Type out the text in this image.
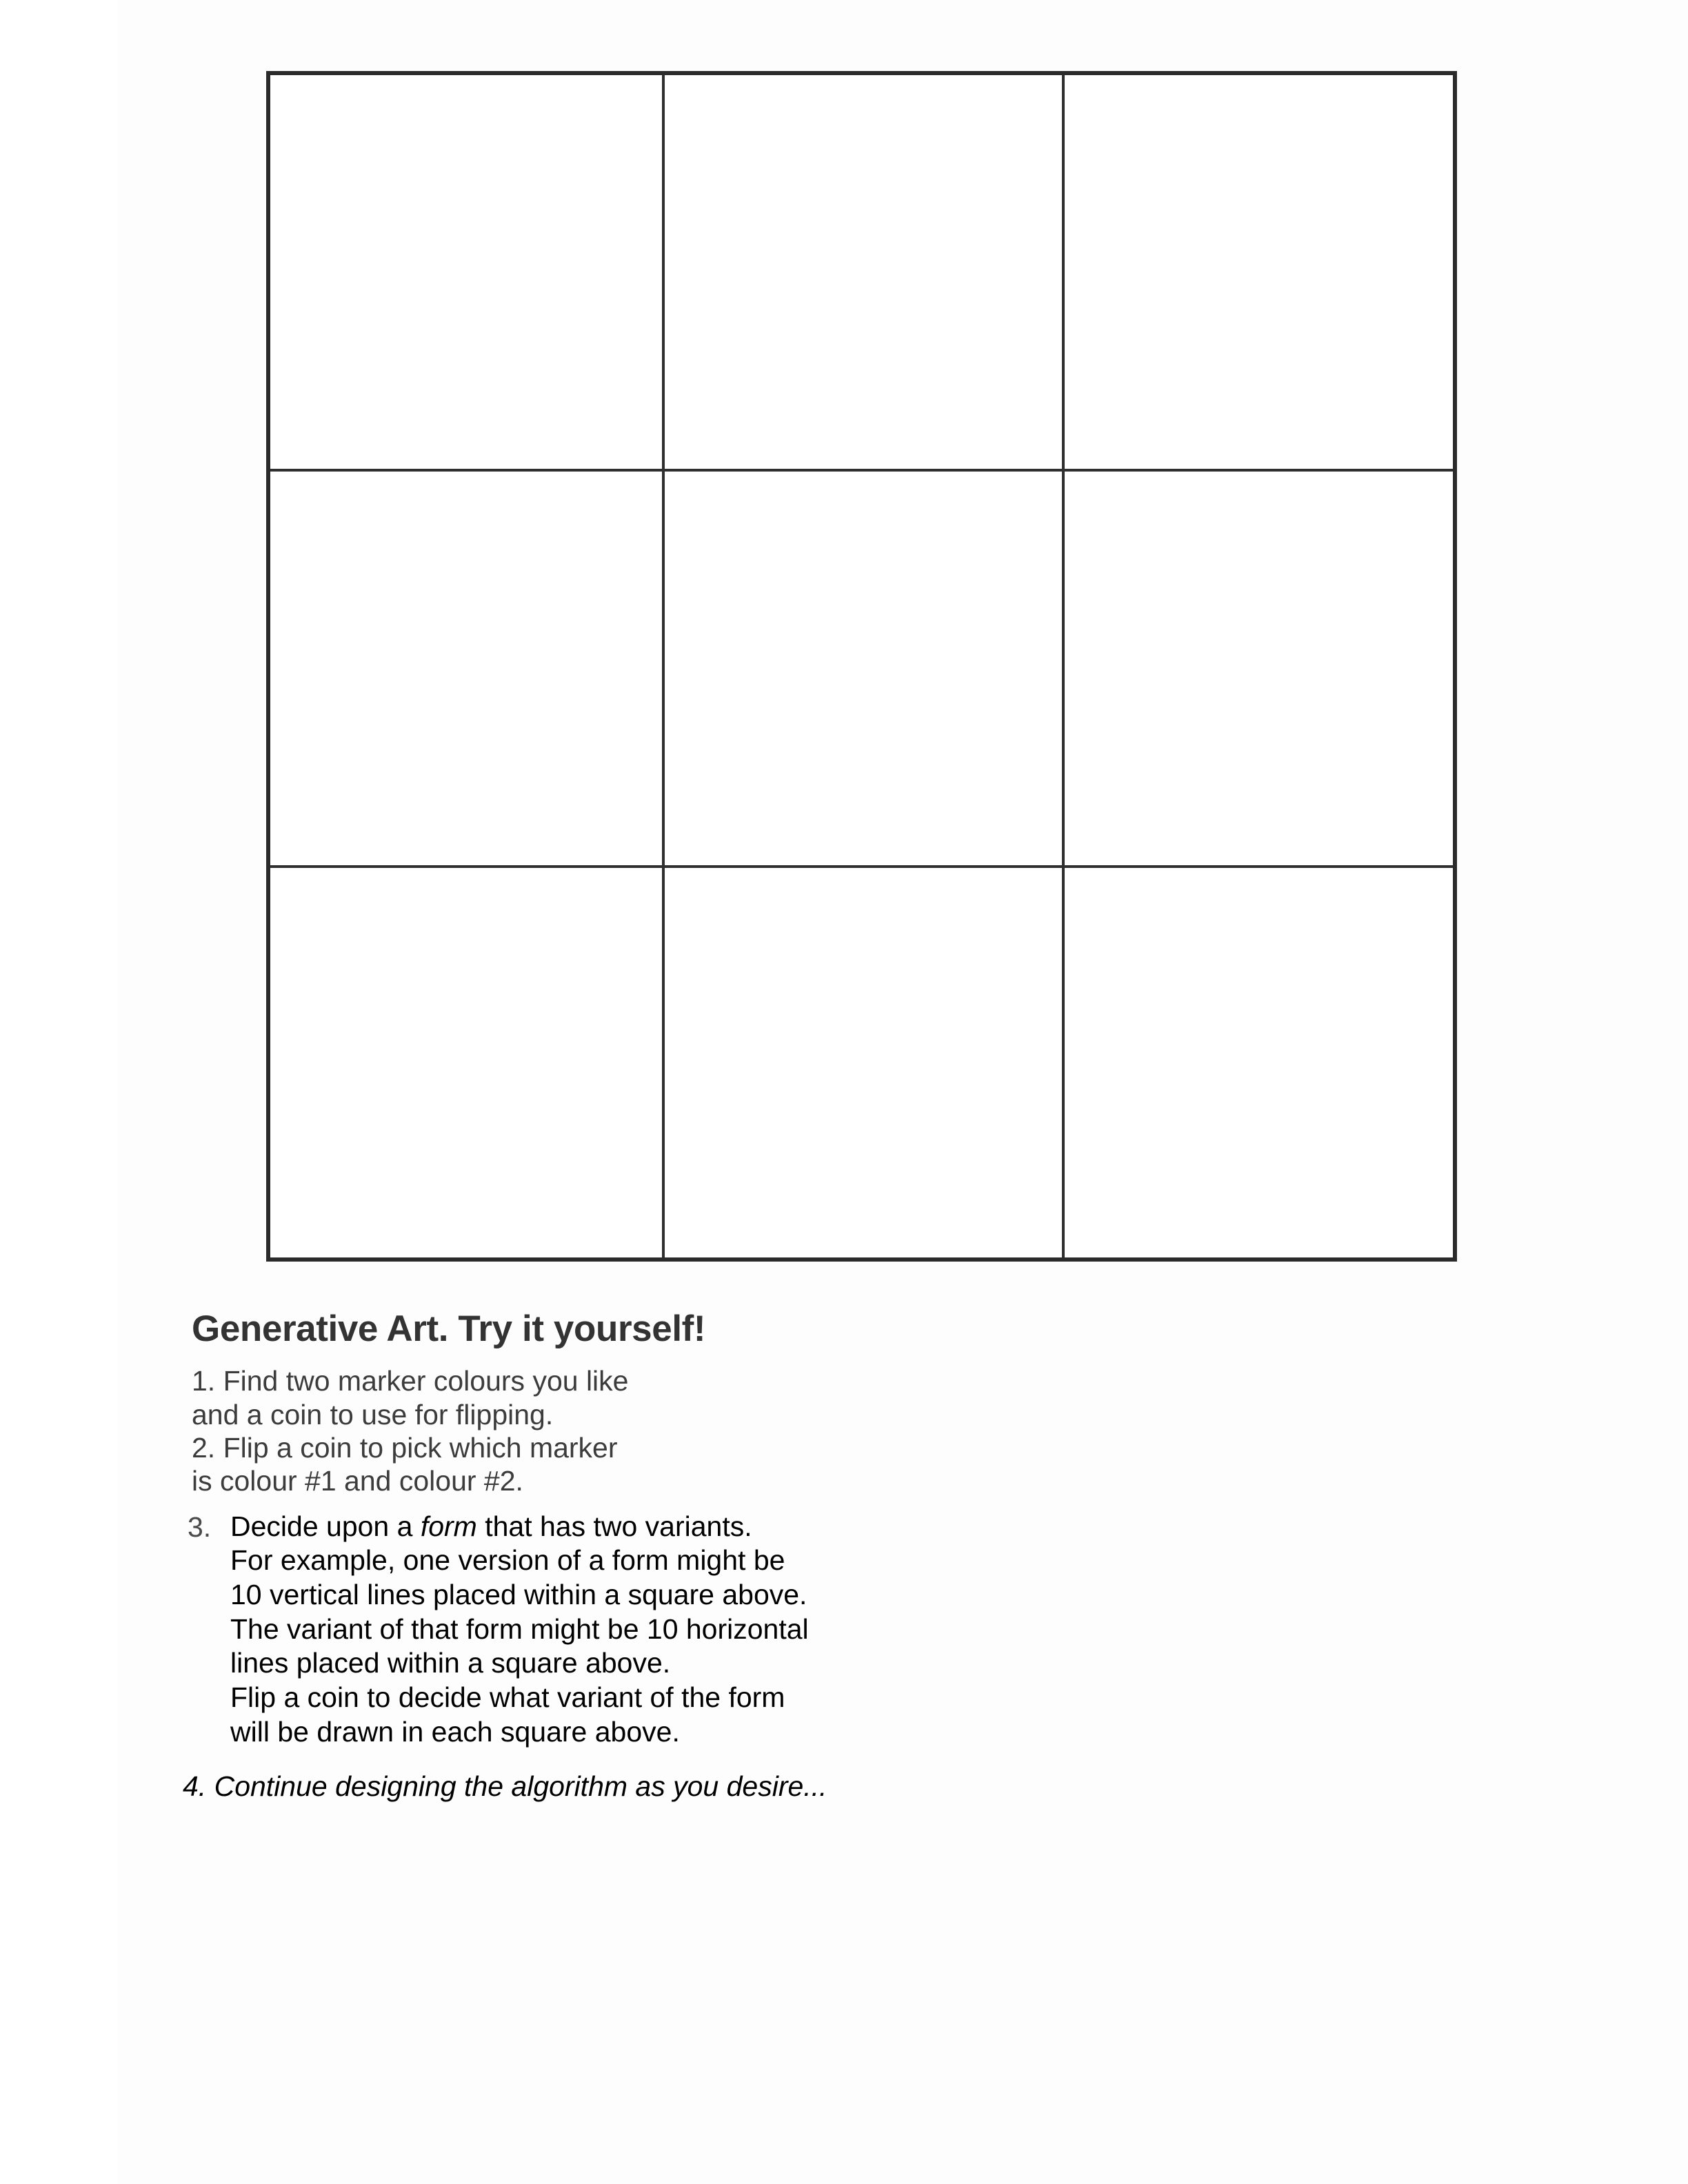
Generative Art. Try it yourself!
1. Find two marker colours you like
and a coin to use for flipping.
2. Flip a coin to pick which marker
is colour #1 and colour #2.
3. Decide upon a form that has two variants.
For example, one version of a form might be
10 vertical lines placed within a square above.
The variant of that form might be 10 horizontal
lines placed within a square above.
Flip a coin to decide what variant of the form
will be drawn in each square above.
4. Continue designing the algorithm as you desire...
